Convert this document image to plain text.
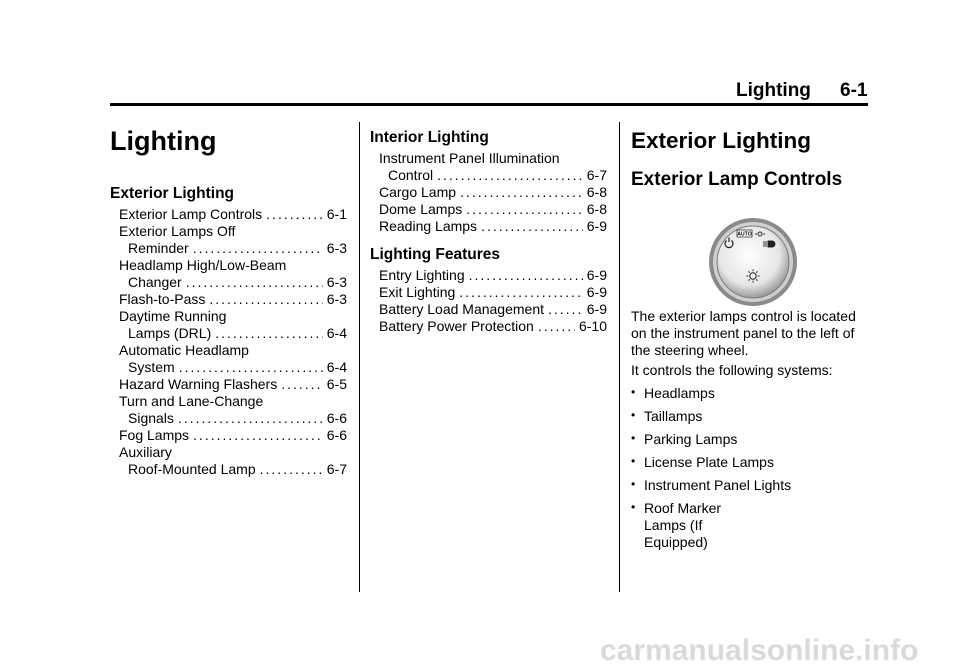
Lighting 6-1
Lighting
Exterior Lighting
Exterior Lamp Controls .....	6-1
Exterior Lamps Off
Reminder .....	6-3
Headlamp High/Low-Beam
Changer .....	6-3
Flash-to-Pass .....	6-3
Daytime Running
Lamps (DRL) .....	6-4
Automatic Headlamp
System .....	6-4
Hazard Warning Flashers .....	6-5
Turn and Lane-Change
Signals .....	6-6
Fog Lamps .....	6-6
Auxiliary
Roof-Mounted Lamp .....	6-7
Interior Lighting
Instrument Panel Illumination
Control .....	6-7
Cargo Lamp .....	6-8
Dome Lamps .....	6-8
Reading Lamps .....	6-9
Lighting Features
Entry Lighting .....	6-9
Exit Lighting .....	6-9
Battery Load Management .....	6-9
Battery Power Protection .....	6-10
Exterior Lighting
Exterior Lamp Controls
AUTO

The exterior lamps control is located on the instrument panel to the left of the steering wheel.

It controls the following systems:

• Headlamps
• Taillamps
• Parking Lamps
• License Plate Lamps
• Instrument Panel Lights
• Roof Marker Lamps (If Equipped)
carmanualsonline.info
